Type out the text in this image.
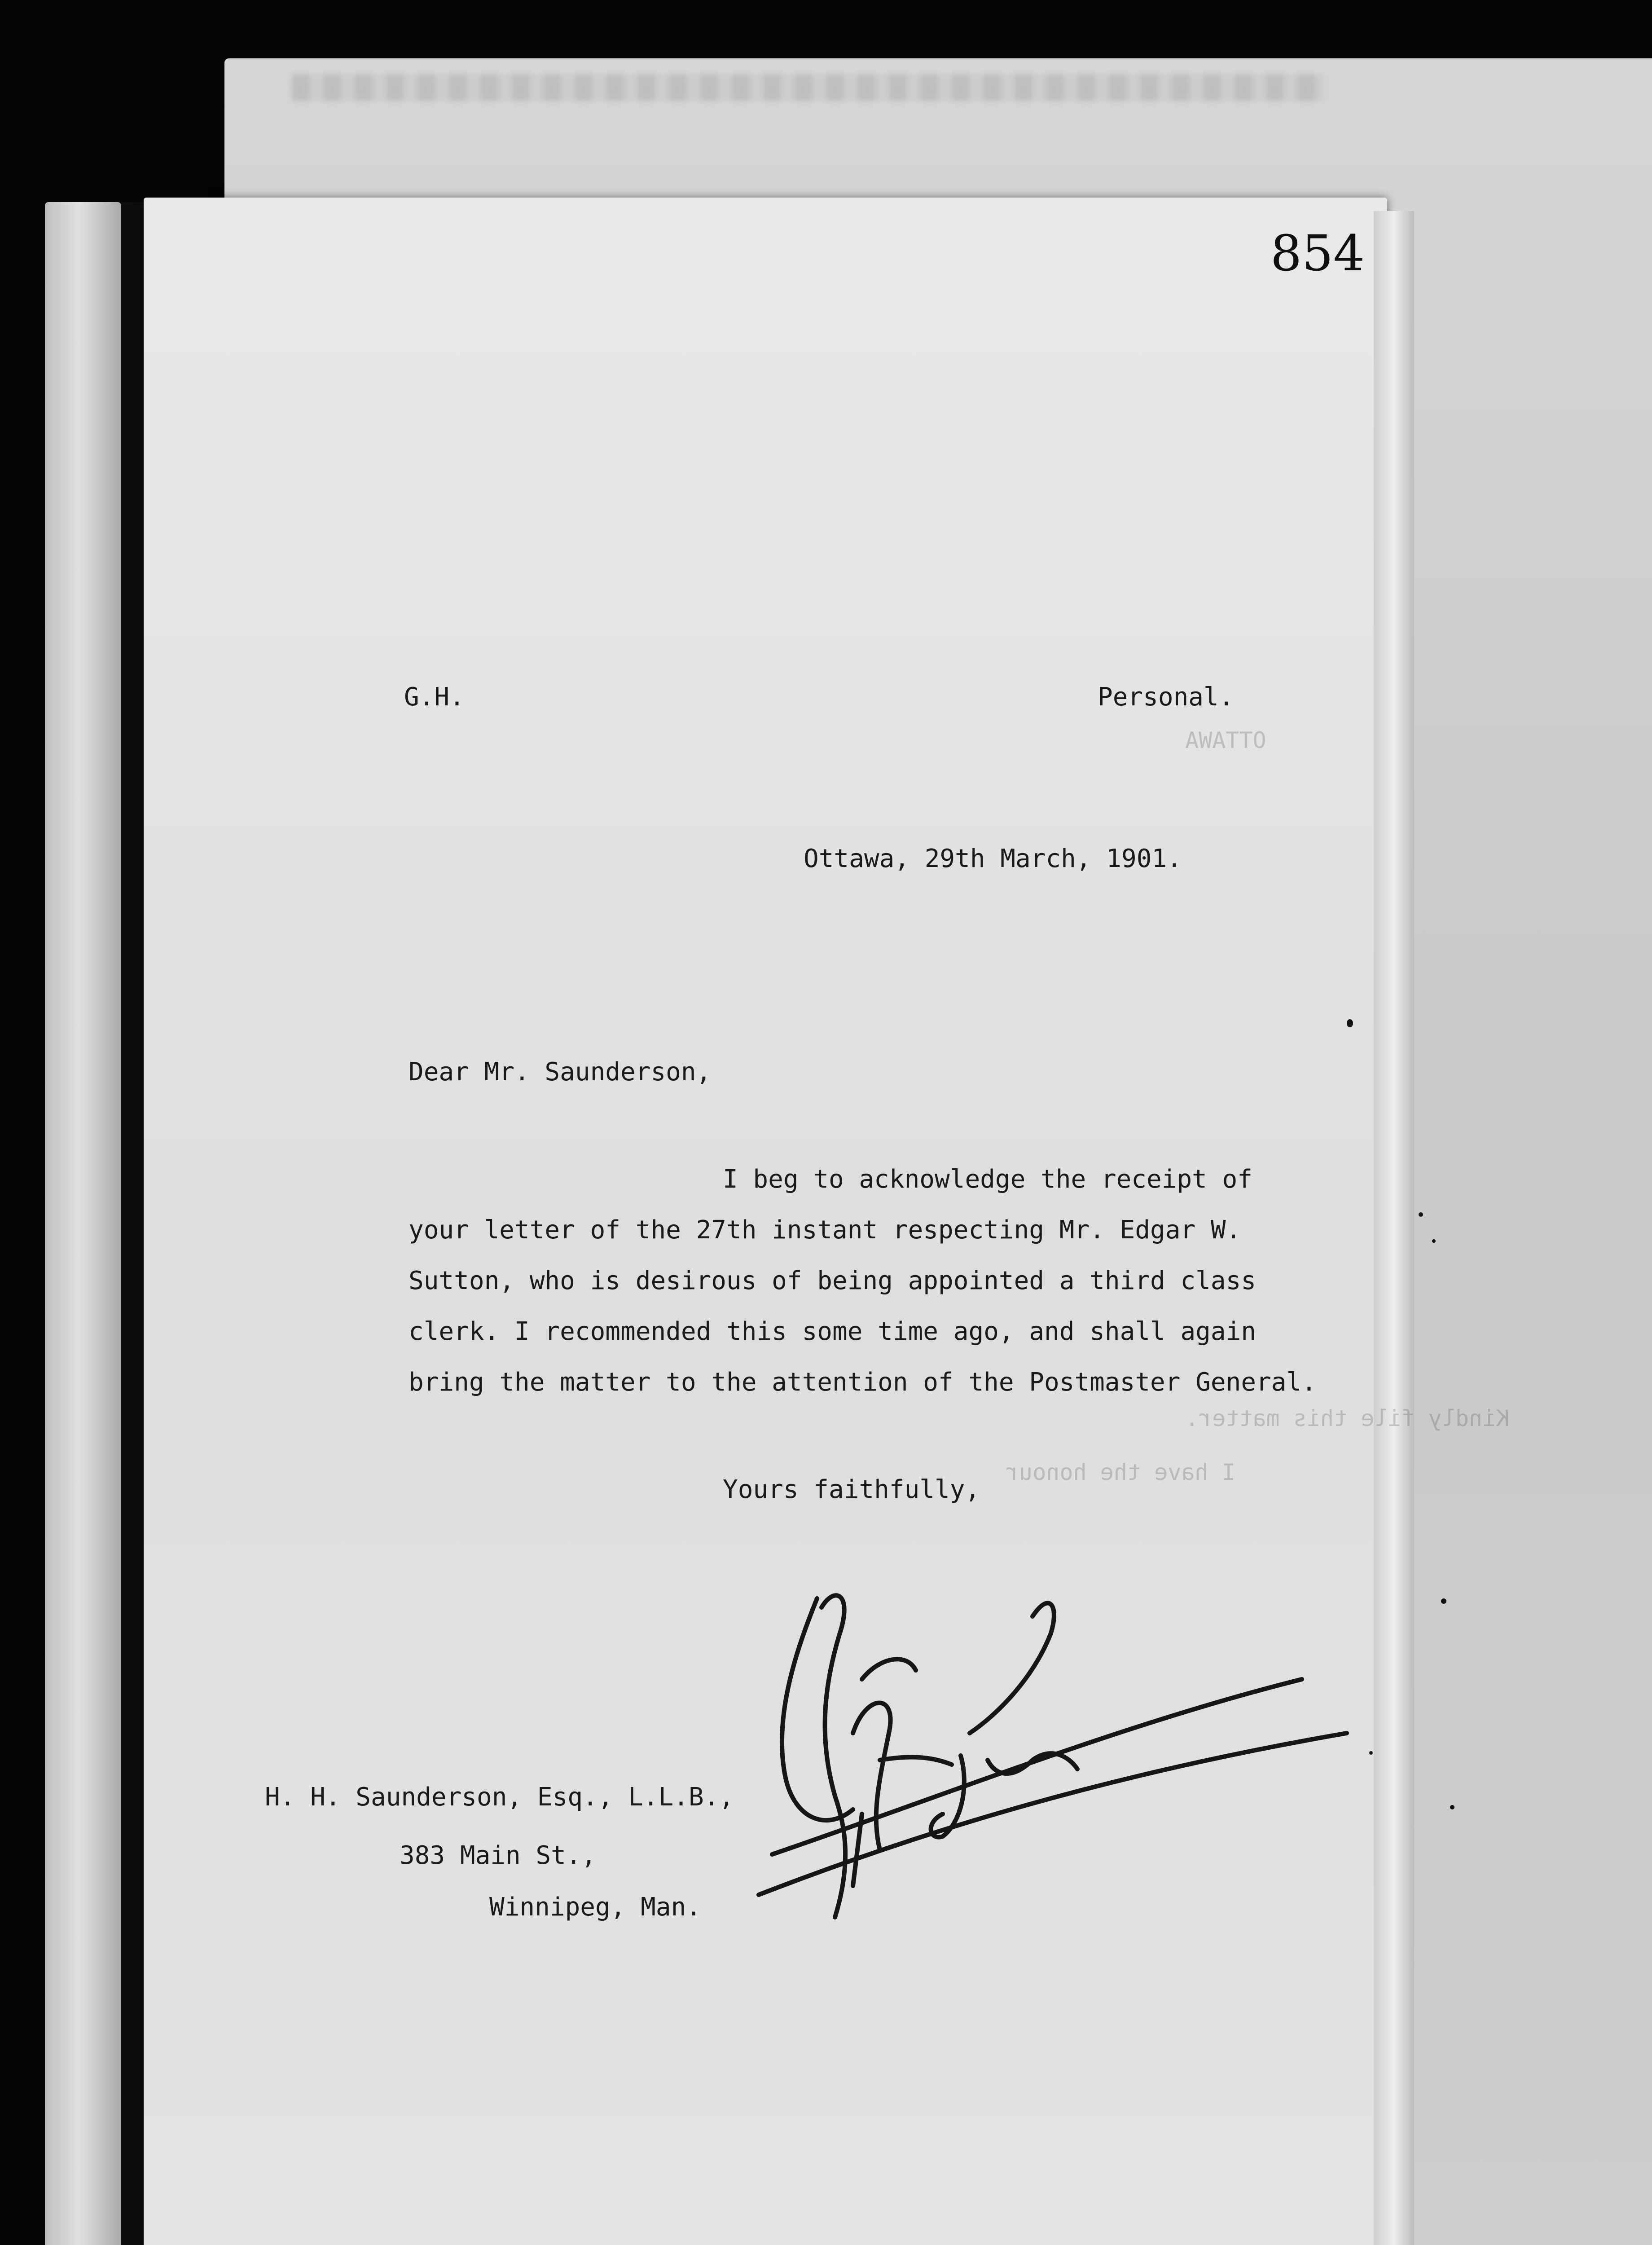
854
G.H.	Personal.
Ottawa, 29th March, 1901.
Dear Mr. Saunderson,
OTTAWA
Kindly file this matter.
I have the honour
I beg to acknowledge the receipt of
your letter of the 27th instant respecting Mr. Edgar W.
Sutton, who is desirous of being appointed a third class
clerk. I recommended this some time ago, and shall again
bring the matter to the attention of the Postmaster General.
Yours faithfully,
H. H. Saunderson, Esq., L.L.B.,
383 Main St.,
Winnipeg, Man.
